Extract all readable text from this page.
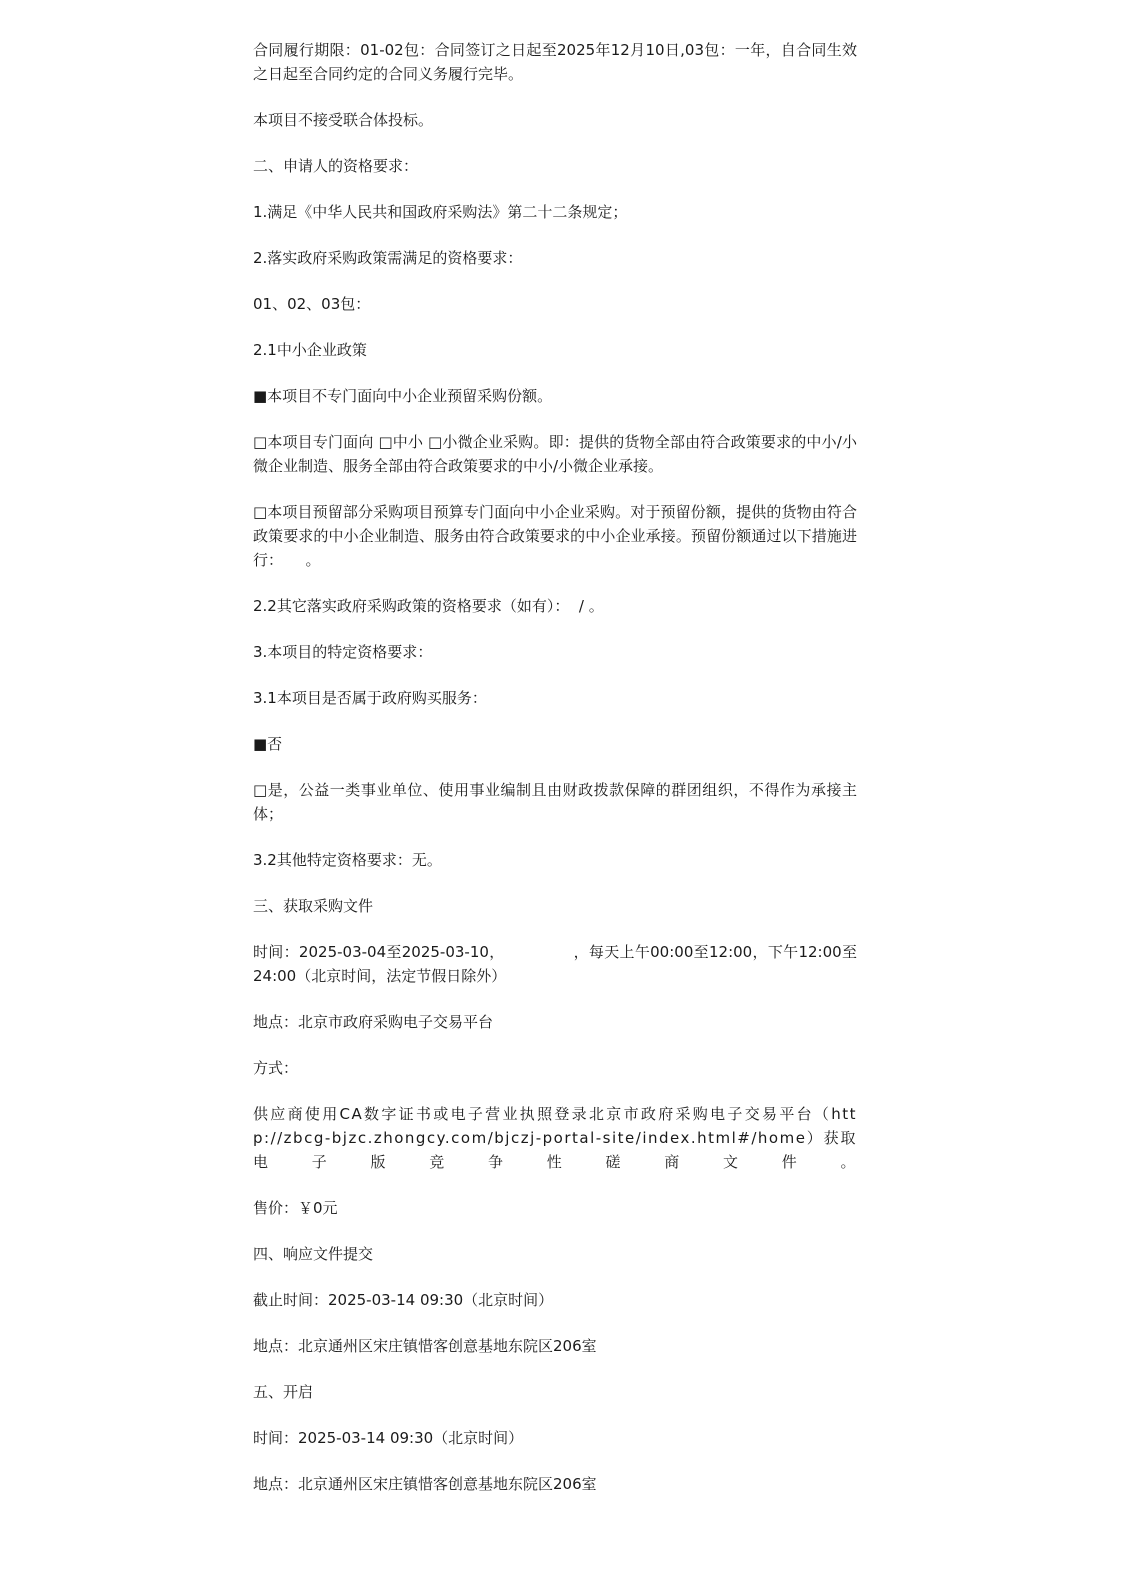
合同履行期限：01-02包：合同签订之日起至2025年12月10日,03包：一年，自合同生效之日起至合同约定的合同义务履行完毕。

本项目不接受联合体投标。

二、申请人的资格要求：

1.满足《中华人民共和国政府采购法》第二十二条规定；

2.落实政府采购政策需满足的资格要求：

01、02、03包：

2.1中小企业政策

■本项目不专门面向中小企业预留采购份额。

□本项目专门面向 □中小 □小微企业采购。即：提供的货物全部由符合政策要求的中小/小微企业制造、服务全部由符合政策要求的中小/小微企业承接。

□本项目预留部分采购项目预算专门面向中小企业采购。对于预留份额，提供的货物由符合政策要求的中小企业制造、服务由符合政策要求的中小企业承接。预留份额通过以下措施进行：　　。

2.2其它落实政府采购政策的资格要求（如有）：  / 。

3.本项目的特定资格要求：

3.1本项目是否属于政府购买服务：

■否

□是，公益一类事业单位、使用事业编制且由财政拨款保障的群团组织，不得作为承接主体；

3.2其他特定资格要求：无。

三、获取采购文件

时间：2025-03-04至2025-03-10，　　　　　，每天上午00:00至12:00，下午12:00至24:00（北京时间，法定节假日除外）

地点：北京市政府采购电子交易平台

方式：

供应商使用CA数字证书或电子营业执照登录北京市政府采购电子交易平台（http://zbcg-bjzc.zhongcy.com/bjczj-portal-site/index.html#/home）获取电子版竞争性磋商文件。

售价：￥0元

四、响应文件提交

截止时间：2025-03-14 09:30（北京时间）

地点：北京通州区宋庄镇惜客创意基地东院区206室

五、开启

时间：2025-03-14 09:30（北京时间）

地点：北京通州区宋庄镇惜客创意基地东院区206室
